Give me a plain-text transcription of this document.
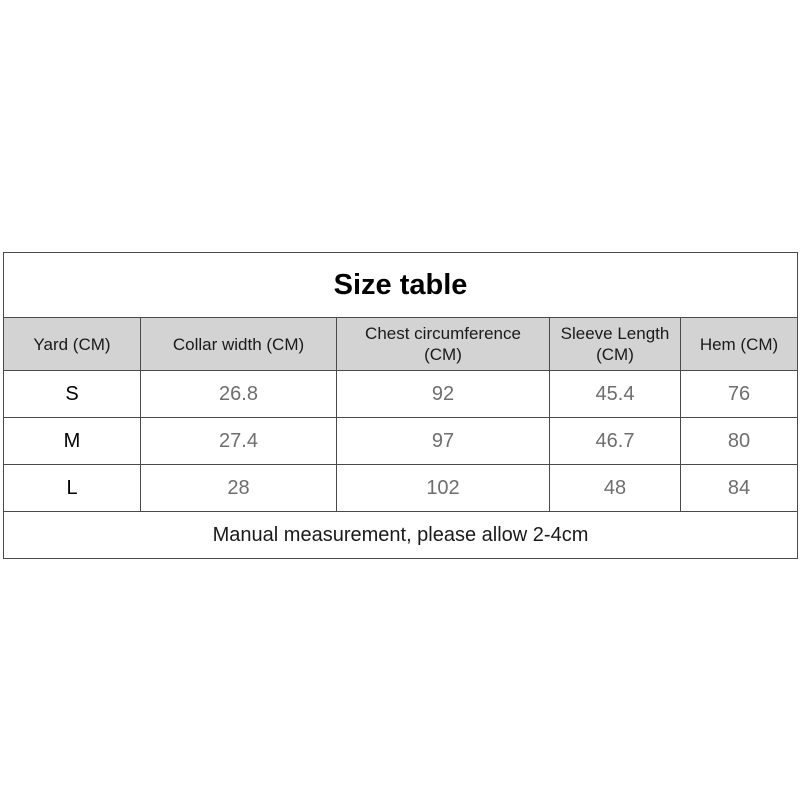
Size table				
Yard (CM)	Collar width (CM)	Chest circumference (CM)	Sleeve Length (CM)	Hem (CM)
S	26.8	92	45.4	76
M	27.4	97	46.7	80
L	28	102	48	84
Manual measurement, please allow 2-4cm				
